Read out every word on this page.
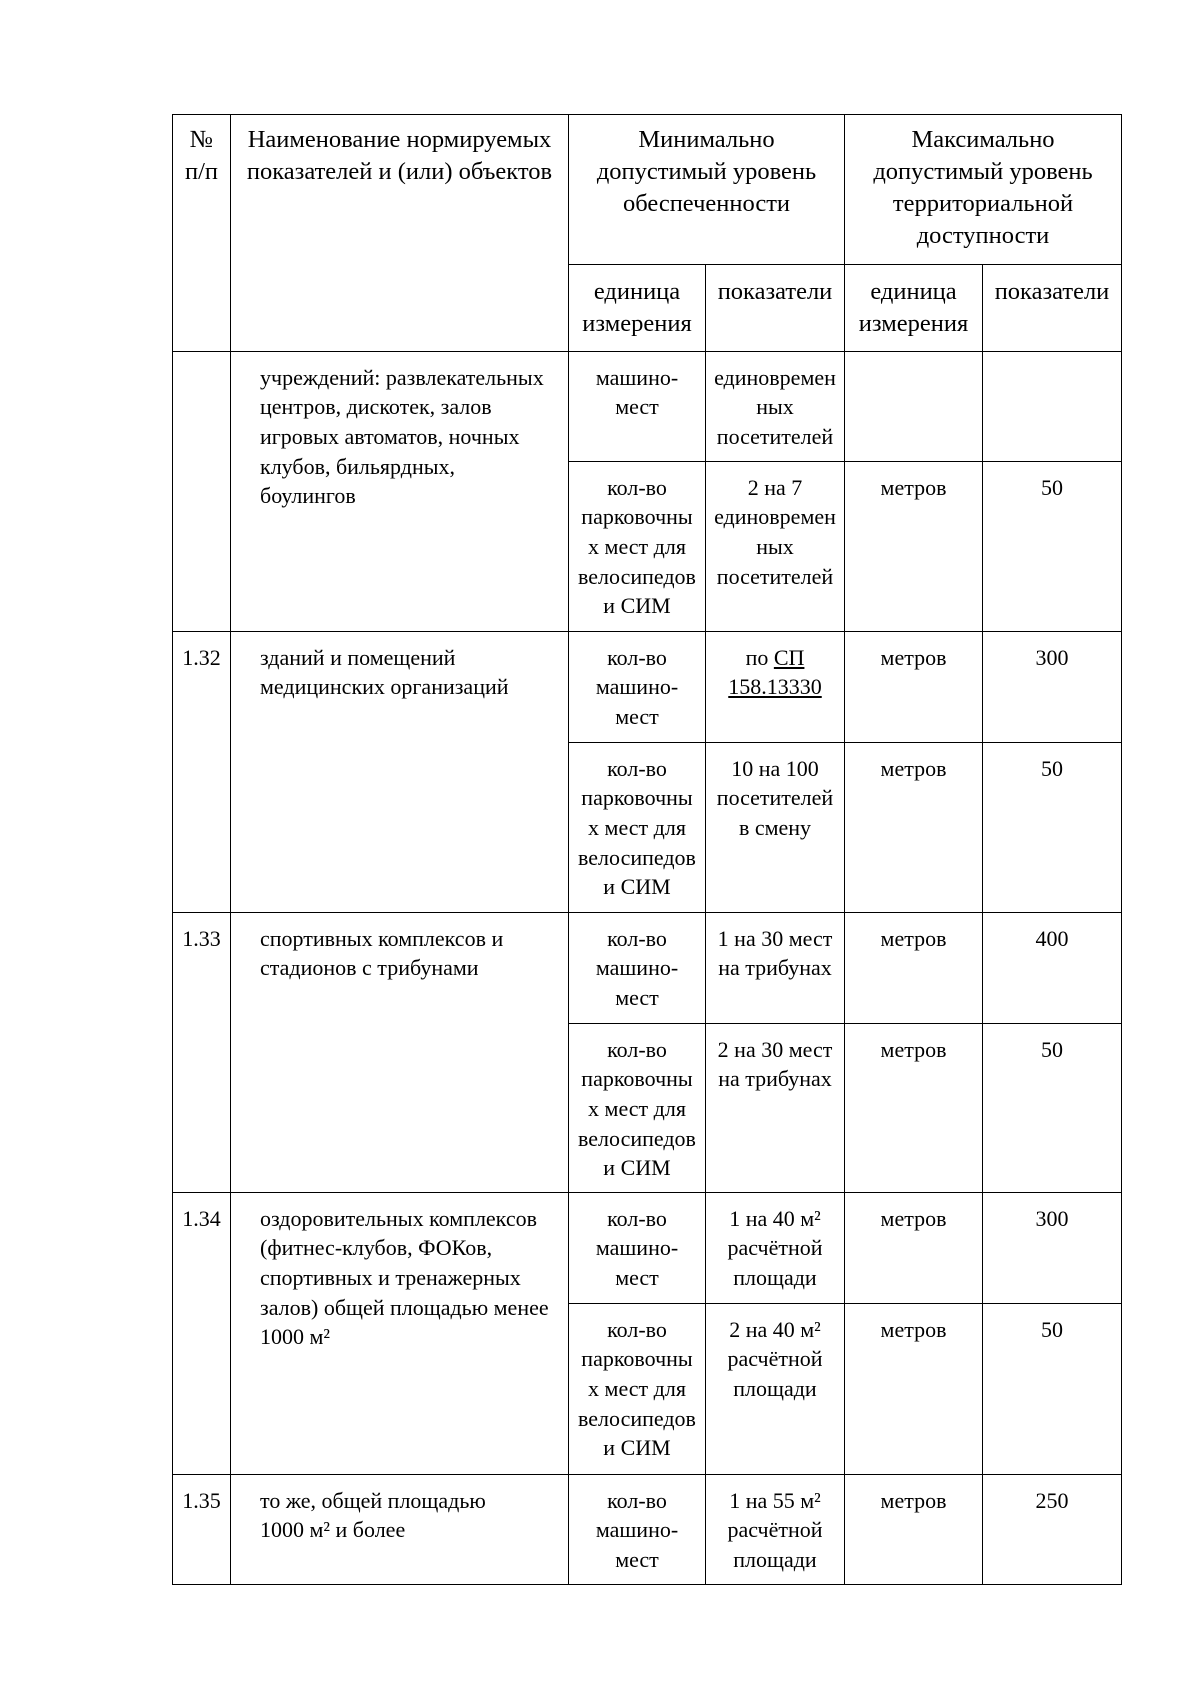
№
п/п	Наименование нормируемых
показателей и (или) объектов	Минимально
допустимый уровень
обеспеченности		Максимально
допустимый уровень
территориальной
доступности	

		единица
измерения	показатели	единица
измерения	показатели

	учреждений: развлекательных
центров, дискотек, залов
игровых автоматов, ночных
клубов, бильярдных,
боулингов	машино-
мест	единовремен
ных
посетителей		

		кол-во
парковочны
х мест для
велосипедов
и СИМ	2 на 7
единовремен
ных
посетителей	метров	50

1.32	зданий и помещений
медицинских организаций	кол-во
машино-
мест	по СП
158.13330	метров	300

		кол-во
парковочны
х мест для
велосипедов
и СИМ	10 на 100
посетителей
в смену	метров	50

1.33	спортивных комплексов и
стадионов с трибунами	кол-во
машино-
мест	1 на 30 мест
на трибунах	метров	400

		кол-во
парковочны
х мест для
велосипедов
и СИМ	2 на 30 мест
на трибунах	метров	50

1.34	оздоровительных комплексов
(фитнес-клубов, ФОКов,
спортивных и тренажерных
залов) общей площадью менее
1000 м²	кол-во
машино-
мест	1 на 40 м²
расчётной
площади	метров	300

		кол-во
парковочны
х мест для
велосипедов
и СИМ	2 на 40 м²
расчётной
площади	метров	50

1.35	то же, общей площадью
1000 м² и более	кол-во
машино-
мест	1 на 55 м²
расчётной
площади	метров	250
